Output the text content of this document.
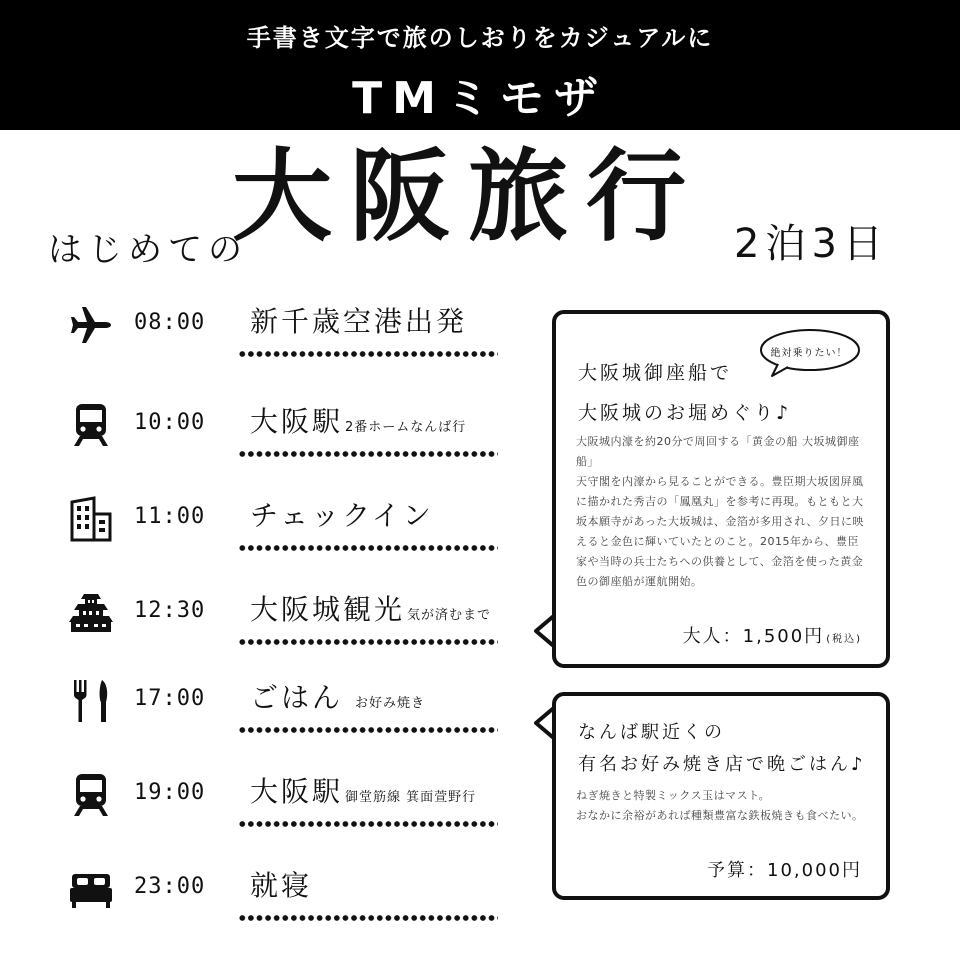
手書き文字で旅のしおりをカジュアルに
TMミモザ
はじめての
大阪旅行 2泊3日
08:00	新千歳空港出発
10:00	大阪駅 2番ホームなんば行
11:00	チェックイン
12:30	大阪城観光 気が済むまで
17:00	ごはん お好み焼き
19:00	大阪駅 御堂筋線 箕面萱野行
23:00	就寝
大阪城御座船で
大阪城のお堀めぐり♪

大阪城内濠を約20分で周回する「黄金の船 大坂城御座船」

天守閣を内濠から見ることができる。豊臣期大坂図屏風に描かれた秀吉の「鳳凰丸」を参考に再現。もともと大坂本願寺があった大坂城は、金箔が多用され、夕日に映えると金色に輝いていたとのこと。2015年から、豊臣家や当時の兵士たちへの供養として、金箔を使った黄金色の御座船が運航開始。

大人：1,500円 (税込)
絶対乗りたい！
なんば駅近くの
有名お好み焼き店で晩ごはん♪

ねぎ焼きと特製ミックス玉はマスト。

おなかに余裕があれば種類豊富な鉄板焼きも食べたい。

予算：10,000円
